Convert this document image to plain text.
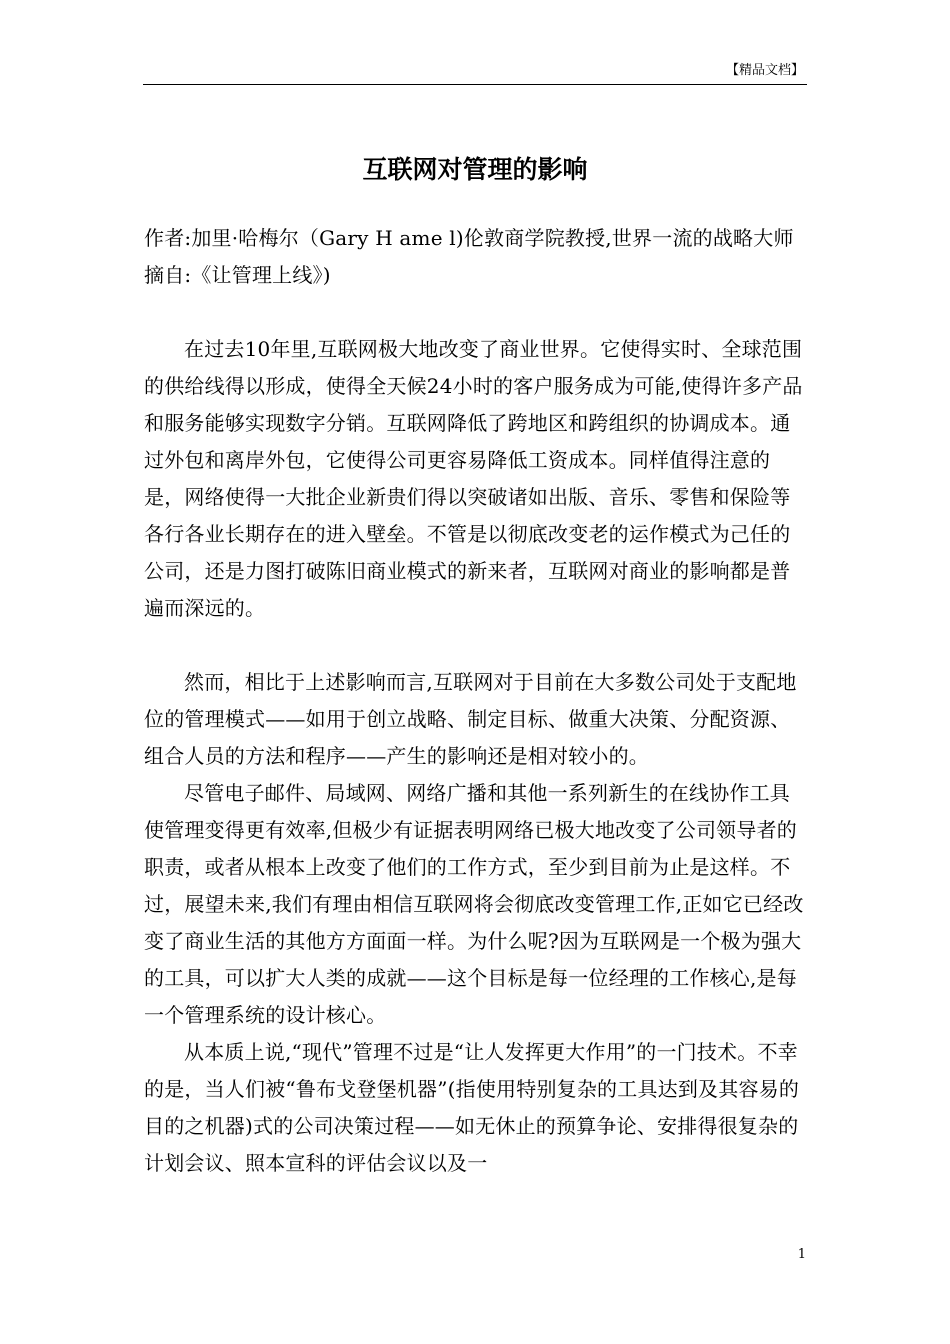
【精品文档】
互联网对管理的影响

作者:加里·哈梅尔（Gary H ame l)伦敦商学院教授,世界一流的战略大师

摘自:《让管理上线》)

在过去10年里,互联网极大地改变了商业世界。它使得实时、全球范围的供给线得以形成，使得全天候24小时的客户服务成为可能,使得许多产品和服务能够实现数字分销。互联网降低了跨地区和跨组织的协调成本。通过外包和离岸外包，它使得公司更容易降低工资成本。同样值得注意的是，网络使得一大批企业新贵们得以突破诸如出版、音乐、零售和保险等各行各业长期存在的进入壁垒。不管是以彻底改变老的运作模式为己任的公司，还是力图打破陈旧商业模式的新来者，互联网对商业的影响都是普遍而深远的。

然而，相比于上述影响而言,互联网对于目前在大多数公司处于支配地位的管理模式——如用于创立战略、制定目标、做重大决策、分配资源、组合人员的方法和程序——产生的影响还是相对较小的。

尽管电子邮件、局域网、网络广播和其他一系列新生的在线协作工具使管理变得更有效率,但极少有证据表明网络已极大地改变了公司领导者的职责，或者从根本上改变了他们的工作方式，至少到目前为止是这样。不过，展望未来,我们有理由相信互联网将会彻底改变管理工作,正如它已经改变了商业生活的其他方方面面一样。为什么呢?因为互联网是一个极为强大的工具，可以扩大人类的成就——这个目标是每一位经理的工作核心,是每一个管理系统的设计核心。

从本质上说,“现代”管理不过是“让人发挥更大作用”的一门技术。不幸的是，当人们被“鲁布戈登堡机器”(指使用特别复杂的工具达到及其容易的目的之机器)式的公司决策过程——如无休止的预算争论、安排得很复杂的计划会议、照本宣科的评估会议以及一

1
